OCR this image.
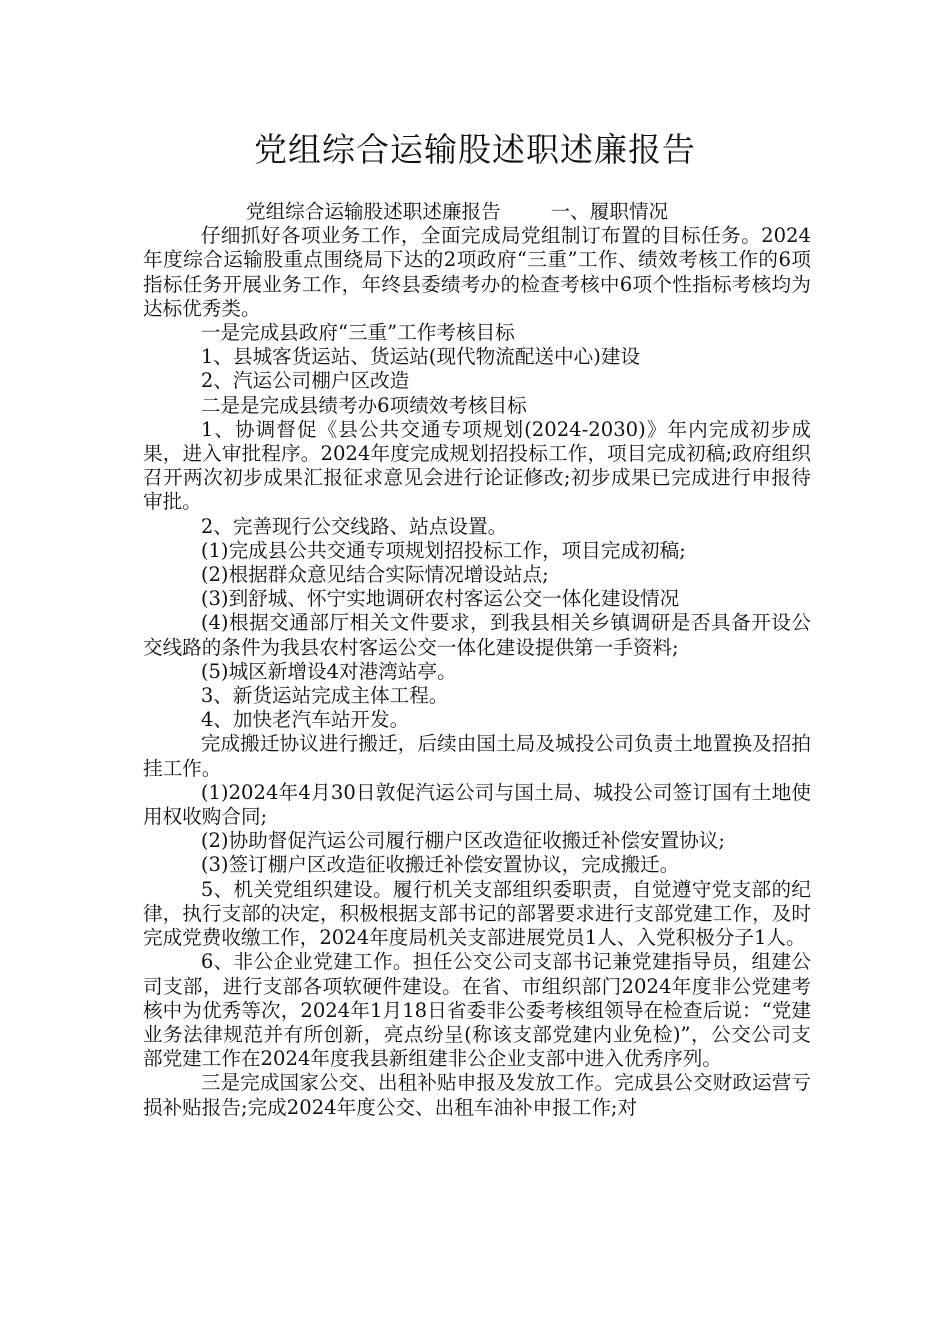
党组综合运输股述职述廉报告

党组综合运输股述职述廉报告        一、履职情况

仔细抓好各项业务工作，全面完成局党组制订布置的目标任务。2024年度综合运输股重点围绕局下达的2项政府“三重”工作、绩效考核工作的6项指标任务开展业务工作，年终县委绩考办的检查考核中6项个性指标考核均为达标优秀类。

一是完成县政府“三重”工作考核目标

1、县城客货运站、货运站(现代物流配送中心)建设

2、汽运公司棚户区改造

二是是完成县绩考办6项绩效考核目标

1、协调督促《县公共交通专项规划(2024-2030)》年内完成初步成果，进入审批程序。2024年度完成规划招投标工作，项目完成初稿;政府组织召开两次初步成果汇报征求意见会进行论证修改;初步成果已完成进行申报待审批。

2、完善现行公交线路、站点设置。

(1)完成县公共交通专项规划招投标工作，项目完成初稿;

(2)根据群众意见结合实际情况增设站点;

(3)到舒城、怀宁实地调研农村客运公交一体化建设情况

(4)根据交通部厅相关文件要求，到我县相关乡镇调研是否具备开设公交线路的条件为我县农村客运公交一体化建设提供第一手资料;

(5)城区新增设4对港湾站亭。

3、新货运站完成主体工程。

4、加快老汽车站开发。

完成搬迁协议进行搬迁，后续由国土局及城投公司负责土地置换及招拍挂工作。

(1)2024年4月30日敦促汽运公司与国土局、城投公司签订国有土地使用权收购合同;

(2)协助督促汽运公司履行棚户区改造征收搬迁补偿安置协议;

(3)签订棚户区改造征收搬迁补偿安置协议，完成搬迁。

5、机关党组织建设。履行机关支部组织委职责，自觉遵守党支部的纪律，执行支部的决定，积极根据支部书记的部署要求进行支部党建工作，及时完成党费收缴工作，2024年度局机关支部进展党员1人、入党积极分子1人。

6、非公企业党建工作。担任公交公司支部书记兼党建指导员，组建公司支部，进行支部各项软硬件建设。在省、市组织部门2024年度非公党建考核中为优秀等次，2024年1月18日省委非公委考核组领导在检查后说：“党建业务法律规范并有所创新，亮点纷呈(称该支部党建内业免检)”，公交公司支部党建工作在2024年度我县新组建非公企业支部中进入优秀序列。

三是完成国家公交、出租补贴申报及发放工作。完成县公交财政运营亏损补贴报告;完成2024年度公交、出租车油补申报工作;对
